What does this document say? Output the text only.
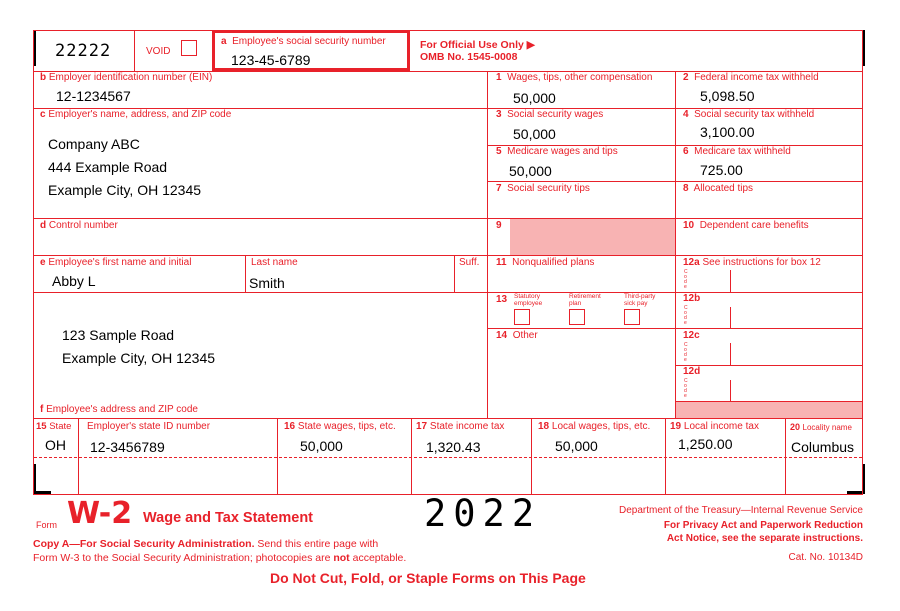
22222	VOID
a Employee's social security number
123-45-6789
For Official Use Only ▶
OMB No. 1545-0008
b Employer identification number (EIN)
12-1234567
c Employer's name, address, and ZIP code
Company ABC
444 Example Road
Example City, OH 12345
d Control number
e Employee's first name and initial
Abby L
Last name
Smith
Suff.
123 Sample Road
Example City, OH 12345
f Employee's address and ZIP code
1 Wages, tips, other compensation
50,000
2 Federal income tax withheld
5,098.50
3 Social security wages
50,000
4 Social security tax withheld
3,100.00
5 Medicare wages and tips
50,000
6 Medicare tax withheld
725.00
7 Social security tips	8 Allocated tips
9	10 Dependent care benefits
11 Nonqualified plans	12a See instructions for box 12
C o d e
12b
C o d e
12c
C o d e
12d
C o d e
13 Statutory employee
Retirement plan
Third-party sick pay
14 Other
15 State Employer's state ID number
OH 12-3456789
16 State wages, tips, etc.
50,000
17 State income tax
1,320.43
18 Local wages, tips, etc.
50,000
19 Local income tax
1,250.00
20 Locality name
Columbus
Form W-2 Wage and Tax Statement	2022	Department of the Treasury—Internal Revenue Service
For Privacy Act and Paperwork Reduction
Act Notice, see the separate instructions.
Copy A—For Social Security Administration. Send this entire page with
Form W-3 to the Social Security Administration; photocopies are not acceptable.	Cat. No. 10134D
Do Not Cut, Fold, or Staple Forms on This Page
